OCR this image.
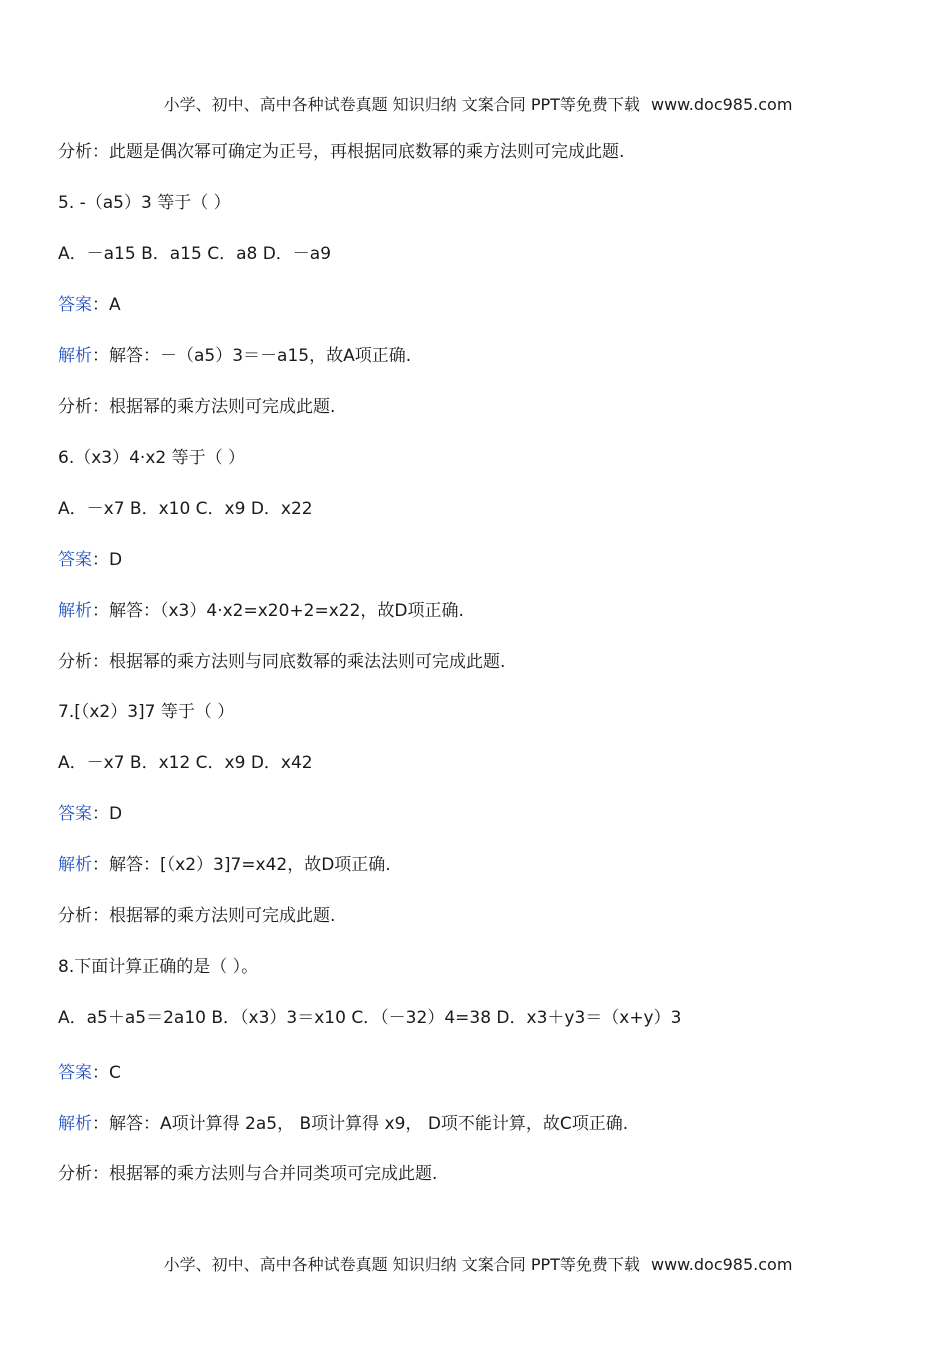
小学、初中、高中各种试卷真题 知识归纳 文案合同 PPT等免费下载 www.doc985.com
分析：此题是偶次幂可确定为正号，再根据同底数幂的乘方法则可完成此题.
5. -（a5）3 等于（ ）
A．－a15 B．a15 C．a8 D．－a9
答案：A
解析：解答：－（a5）3＝－a15，故A项正确.
分析：根据幂的乘方法则可完成此题.
6.（x3）4·x2 等于（ ）
A．－x7 B．x10 C．x9 D．x22
答案：D
解析：解答：（x3）4·x2=x20+2=x22，故D项正确.
分析：根据幂的乘方法则与同底数幂的乘法法则可完成此题.
7.[（x2）3]7 等于（ ）
A．－x7 B．x12 C．x9 D．x42
答案：D
解析：解答：[（x2）3]7=x42，故D项正确.
分析：根据幂的乘方法则可完成此题.
8.下面计算正确的是（ ）。
A．a5＋a5＝2a10 B．（x3）3＝x10 C．（－32）4=38 D．x3＋y3＝（x+y）3
答案：C
解析：解答：A项计算得 2a5， B项计算得 x9， D项不能计算，故C项正确.
分析：根据幂的乘方法则与合并同类项可完成此题.
小学、初中、高中各种试卷真题 知识归纳 文案合同 PPT等免费下载 www.doc985.com
